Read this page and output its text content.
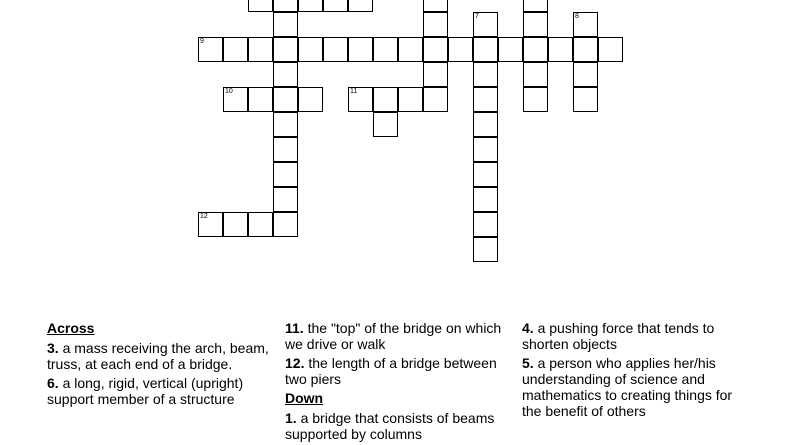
7	8
9
10	11
12
Across
3. a mass receiving the arch, beam, truss, at each end of a bridge.
6. a long, rigid, vertical (upright) support member of a structure
11. the "top" of the bridge on which we drive or walk
12. the length of a bridge between two piers
Down
1. a bridge that consists of beams supported by columns
4. a pushing force that tends to shorten objects
5. a person who applies her/his understanding of science and mathematics to creating things for the benefit of others
